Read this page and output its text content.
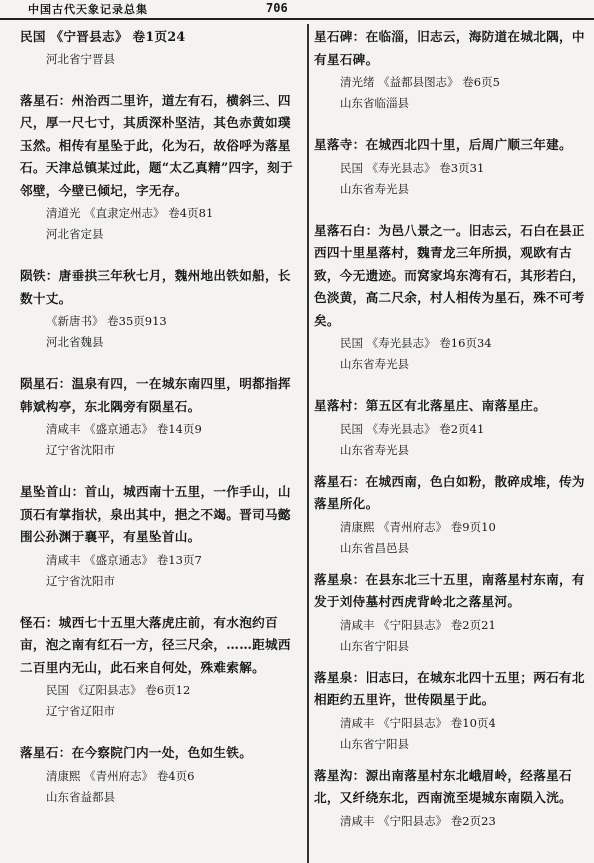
中国古代天象记录总集	706
民国 《宁晋县志》 卷1页24
河北省宁晋县
落星石：州治西二里许，道左有石，横斜三、四尺，厚一尺七寸，其质深朴坚洁，其色赤黄如璞玉然。相传有星坠于此，化为石，故俗呼为落星石。天津总镇某过此，题“太乙真精”四字，刻于邻壁，今壁已倾圮，字无存。
清道光 《直隶定州志》 卷4页81
河北省定县
陨铁：唐垂拱三年秋七月，魏州地出铁如船，长数十丈。
《新唐书》 卷35页913
河北省魏县
陨星石：温泉有四，一在城东南四里，明都指挥韩斌构亭，东北隅旁有陨星石。
清咸丰 《盛京通志》 卷14页9
辽宁省沈阳市
星坠首山：首山，城西南十五里，一作手山，山顶石有掌指状，泉出其中，挹之不竭。晋司马懿围公孙渊于襄平，有星坠首山。
清咸丰 《盛京通志》 卷13页7
辽宁省沈阳市
怪石：城西七十五里大落虎庄前，有水泡约百亩，泡之南有红石一方，径三尺余，……距城西二百里内无山，此石来自何处，殊难索解。
民国 《辽阳县志》 卷6页12
辽宁省辽阳市
落星石：在今察院门内一处，色如生铁。
清康熙 《青州府志》 卷4页6
山东省益都县
星石碑：在临淄，旧志云，海防道在城北隅，中有星石碑。
清光绪 《益都县图志》 卷6页5
山东省临淄县
星落寺：在城西北四十里，后周广顺三年建。
民国 《寿光县志》 卷3页31
山东省寿光县
星落石白：为邑八景之一。旧志云，石白在县正西四十里星落村，魏青龙三年所损，观欧有古致，今无遗迹。而窝家坞东湾有石，其形若臼，色淡黄，高二尺余，村人相传为星石，殊不可考矣。
民国 《寿光县志》 卷16页34
山东省寿光县
星落村：第五区有北落星庄、南落星庄。
民国 《寿光县志》 卷2页41
山东省寿光县
落星石：在城西南，色白如粉，散碎成堆，传为落星所化。
清康熙 《青州府志》 卷9页10
山东省昌邑县
落星泉：在县东北三十五里，南落星村东南，有发于刘侍墓村西虎背岭北之落星河。
清咸丰 《宁阳县志》 卷2页21
山东省宁阳县
落星泉：旧志曰，在城东北四十五里；两石有北相距约五里许，世传陨星于此。
清咸丰 《宁阳县志》 卷10页4
山东省宁阳县
落星沟：源出南落星村东北峨眉岭，经落星石北，又纤绕东北，西南流至堤城东南陨入洸。
清咸丰 《宁阳县志》 卷2页23
